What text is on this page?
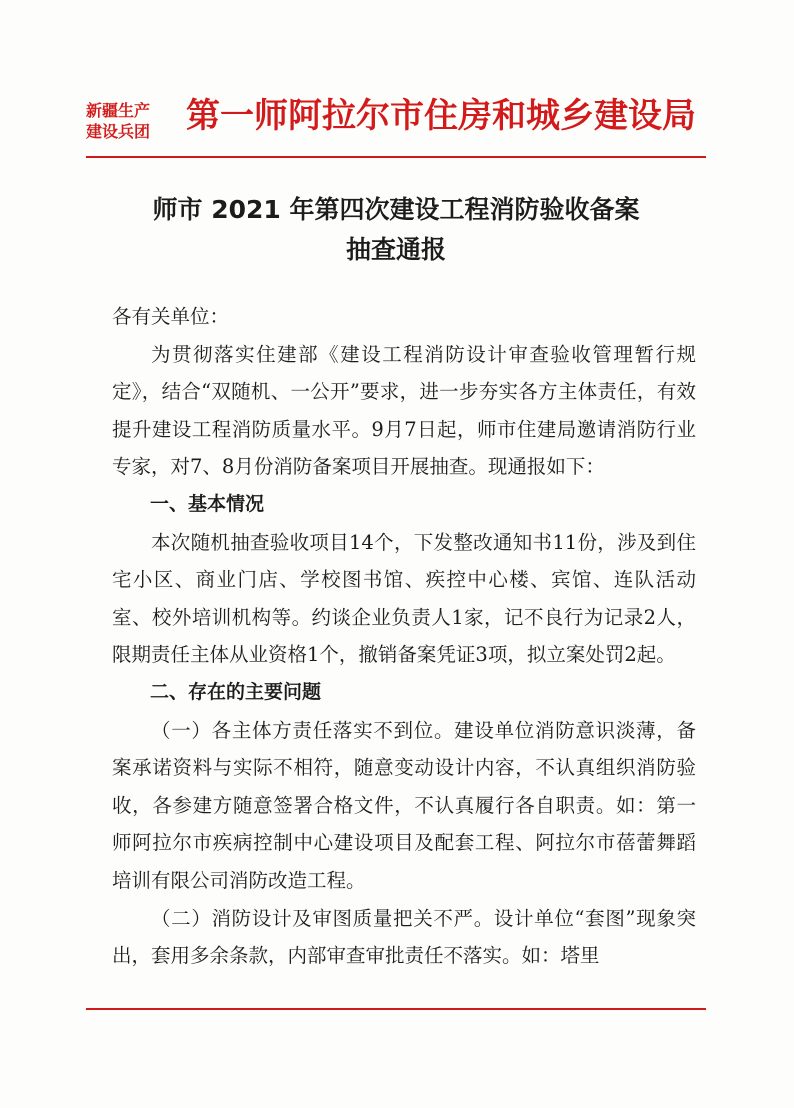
新疆生产
建设兵团	第一师阿拉尔市住房和城乡建设局
师市 2021 年第四次建设工程消防验收备案
抽查通报

各有关单位：

为贯彻落实住建部《建设工程消防设计审查验收管理暂行规定》，结合“双随机、一公开”要求，进一步夯实各方主体责任，有效提升建设工程消防质量水平。9月7日起，师市住建局邀请消防行业专家，对7、8月份消防备案项目开展抽查。现通报如下：

一、基本情况

本次随机抽查验收项目14个，下发整改通知书11份，涉及到住宅小区、商业门店、学校图书馆、疾控中心楼、宾馆、连队活动室、校外培训机构等。约谈企业负责人1家，记不良行为记录2人，限期责任主体从业资格1个，撤销备案凭证3项，拟立案处罚2起。

二、存在的主要问题

（一）各主体方责任落实不到位。建设单位消防意识淡薄，备案承诺资料与实际不相符，随意变动设计内容，不认真组织消防验收，各参建方随意签署合格文件，不认真履行各自职责。如：第一师阿拉尔市疾病控制中心建设项目及配套工程、阿拉尔市蓓蕾舞蹈培训有限公司消防改造工程。

（二）消防设计及审图质量把关不严。设计单位“套图”现象突出，套用多余条款，内部审查审批责任不落实。如：塔里
